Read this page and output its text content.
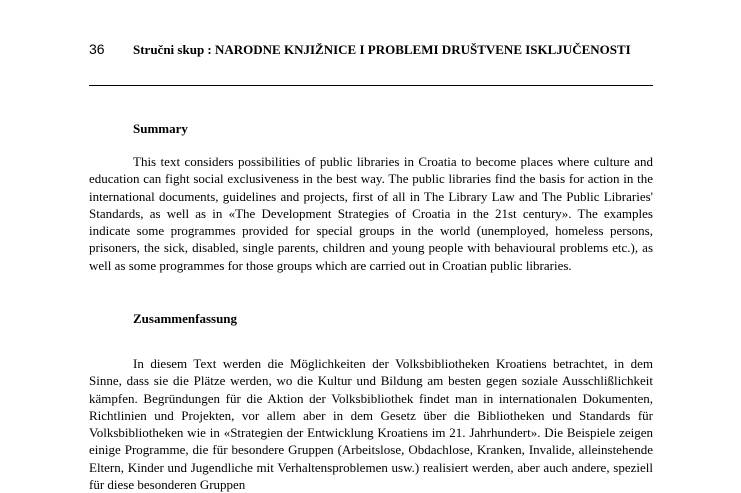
36 Stručni skup : NARODNE KNJIŽNICE I PROBLEMI DRUŠTVENE ISKLJUČENOSTI
Summary

This text considers possibilities of public libraries in Croatia to become places where culture and education can fight social exclusiveness in the best way. The public libraries find the basis for action in the international documents, guidelines and projects, first of all in The Library Law and The Public Libraries' Standards, as well as in «The Development Strategies of Croatia in the 21st century». The examples indicate some programmes provided for special groups in the world (unemployed, homeless persons, prisoners, the sick, disabled, single parents, children and young people with behavioural problems etc.), as well as some programmes for those groups which are carried out in Croatian public libraries.

Zusammenfassung

In diesem Text werden die Möglichkeiten der Volksbibliotheken Kroatiens betrachtet, in dem Sinne, dass sie die Plätze werden, wo die Kultur und Bildung am besten gegen soziale Ausschlißlichkeit kämpfen. Begründungen für die Aktion der Volksbibliothek findet man in internationalen Dokumenten, Richtlinien und Projekten, vor allem aber in dem Gesetz über die Bibliotheken und Standards für Volksbibliotheken wie in «Strategien der Entwicklung Kroatiens im 21. Jahrhundert». Die Beispiele zeigen einige Programme, die für besondere Gruppen (Arbeitslose, Obdachlose, Kranken, Invalide, alleinstehende Eltern, Kinder und Jugendliche mit Verhaltensproblemen usw.) realisiert werden, aber auch andere, speziell für diese besonderen Gruppen
